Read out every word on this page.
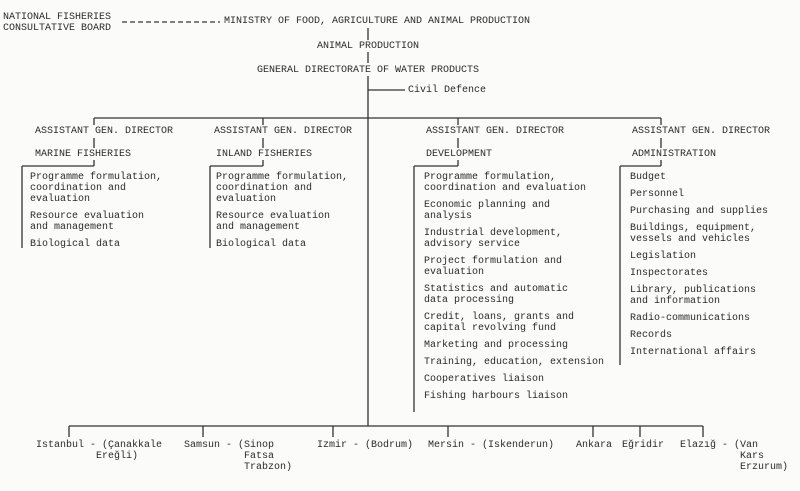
NATIONAL FISHERIES
CONSULTATIVE BOARD
MINISTRY OF FOOD, AGRICULTURE AND ANIMAL PRODUCTION
ANIMAL PRODUCTION
GENERAL DIRECTORATE OF WATER PRODUCTS
Civil Defence
ASSISTANT GEN. DIRECTOR
MARINE FISHERIES
Programme formulation,
coordination and
evaluation
Resource evaluation
and management
Biological data
ASSISTANT GEN. DIRECTOR
INLAND FISHERIES
Programme formulation,
coordination and
evaluation
Resource evaluation
and management
Biological data
ASSISTANT GEN. DIRECTOR
DEVELOPMENT
Programme formulation,
coordination and evaluation
Economic planning and
analysis
Industrial development,
advisory service
Project formulation and
evaluation
Statistics and automatic
data processing
Credit, loans, grants and
capital revolving fund
Marketing and processing
Training, education, extension
Cooperatives liaison
Fishing harbours liaison
ASSISTANT GEN. DIRECTOR
ADMINISTRATION
Budget
Personnel
Purchasing and supplies
Buildings, equipment,
vessels and vehicles
Legislation
Inspectorates
Library, publications
and information
Radio-communications
Records
International affairs
Istanbul - (Çanakkale
Ereğli)
Samsun - (Sinop
Fatsa
Trabzon)
Izmir - (Bodrum) Mersin - (Iskenderun) Ankara Eğridir Elazığ - (Van
Kars
Erzurum)
